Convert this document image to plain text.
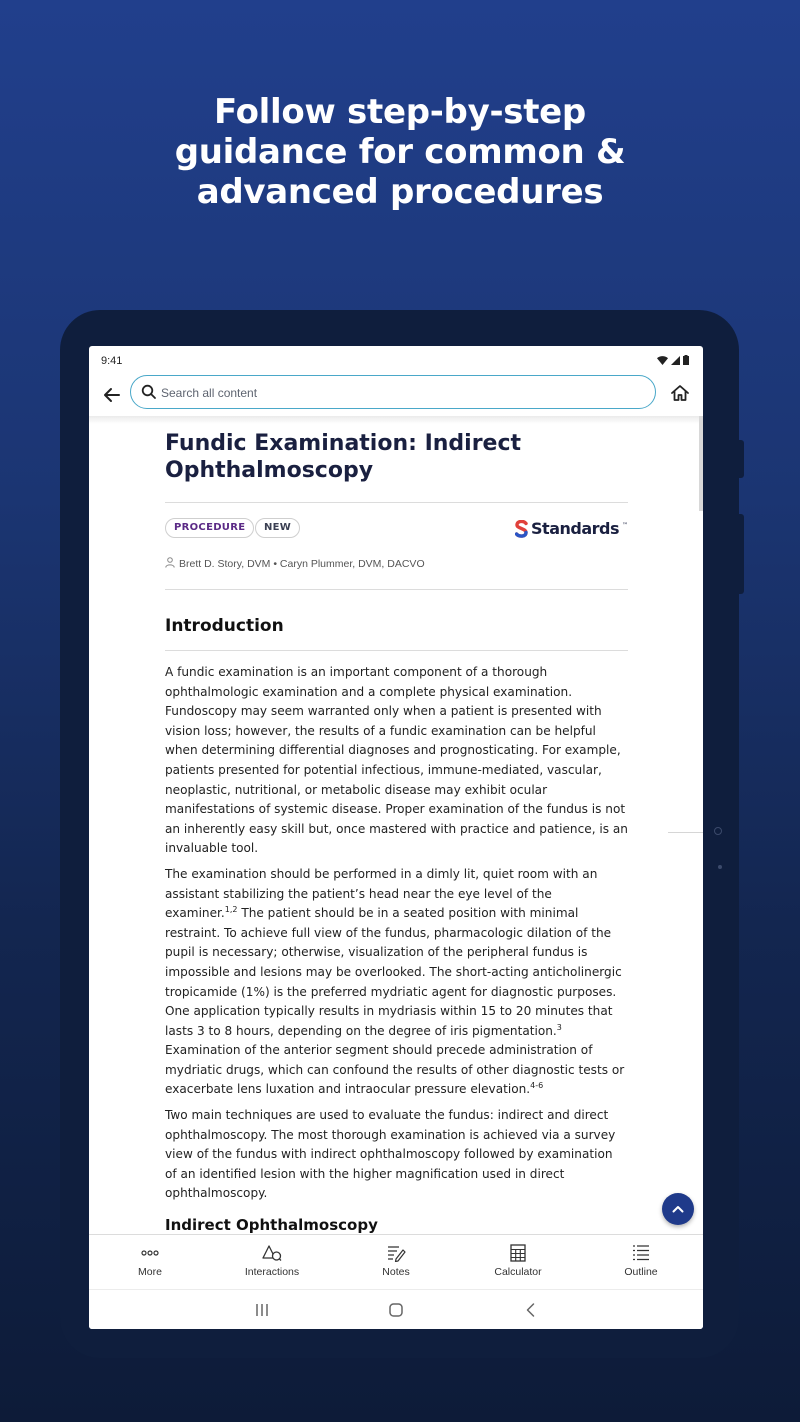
Follow step-by-step
guidance for common &
advanced procedures
9:41
Search all content
Fundic Examination: Indirect Ophthalmoscopy
PROCEDURE	NEW	Standards ™
Brett D. Story, DVM • Caryn Plummer, DVM, DACVO
Introduction

A fundic examination is an important component of a thorough ophthalmologic examination and a complete physical examination. Fundoscopy may seem warranted only when a patient is presented with vision loss; however, the results of a fundic examination can be helpful when determining differential diagnoses and prognosticating. For example, patients presented for potential infectious, immune-mediated, vascular, neoplastic, nutritional, or metabolic disease may exhibit ocular manifestations of systemic disease. Proper examination of the fundus is not an inherently easy skill but, once mastered with practice and patience, is an invaluable tool.

The examination should be performed in a dimly lit, quiet room with an assistant stabilizing the patient’s head near the eye level of the examiner.$^{1,2}$ The patient should be in a seated position with minimal restraint. To achieve full view of the fundus, pharmacologic dilation of the pupil is necessary; otherwise, visualization of the peripheral fundus is impossible and lesions may be overlooked. The short-acting anticholinergic tropicamide (1%) is the preferred mydriatic agent for diagnostic purposes. One application typically results in mydriasis within 15 to 20 minutes that lasts 3 to 8 hours, depending on the degree of iris pigmentation.$^3$ Examination of the anterior segment should precede administration of mydriatic drugs, which can confound the results of other diagnostic tests or exacerbate lens luxation and intraocular pressure elevation.$^{4-6}$

Two main techniques are used to evaluate the fundus: indirect and direct ophthalmoscopy. The most thorough examination is achieved via a survey view of the fundus with indirect ophthalmoscopy followed by examination of an identified lesion with the higher magnification used in direct ophthalmoscopy.

Indirect Ophthalmoscopy

More	Interactions	Notes	Calculator	Outline
